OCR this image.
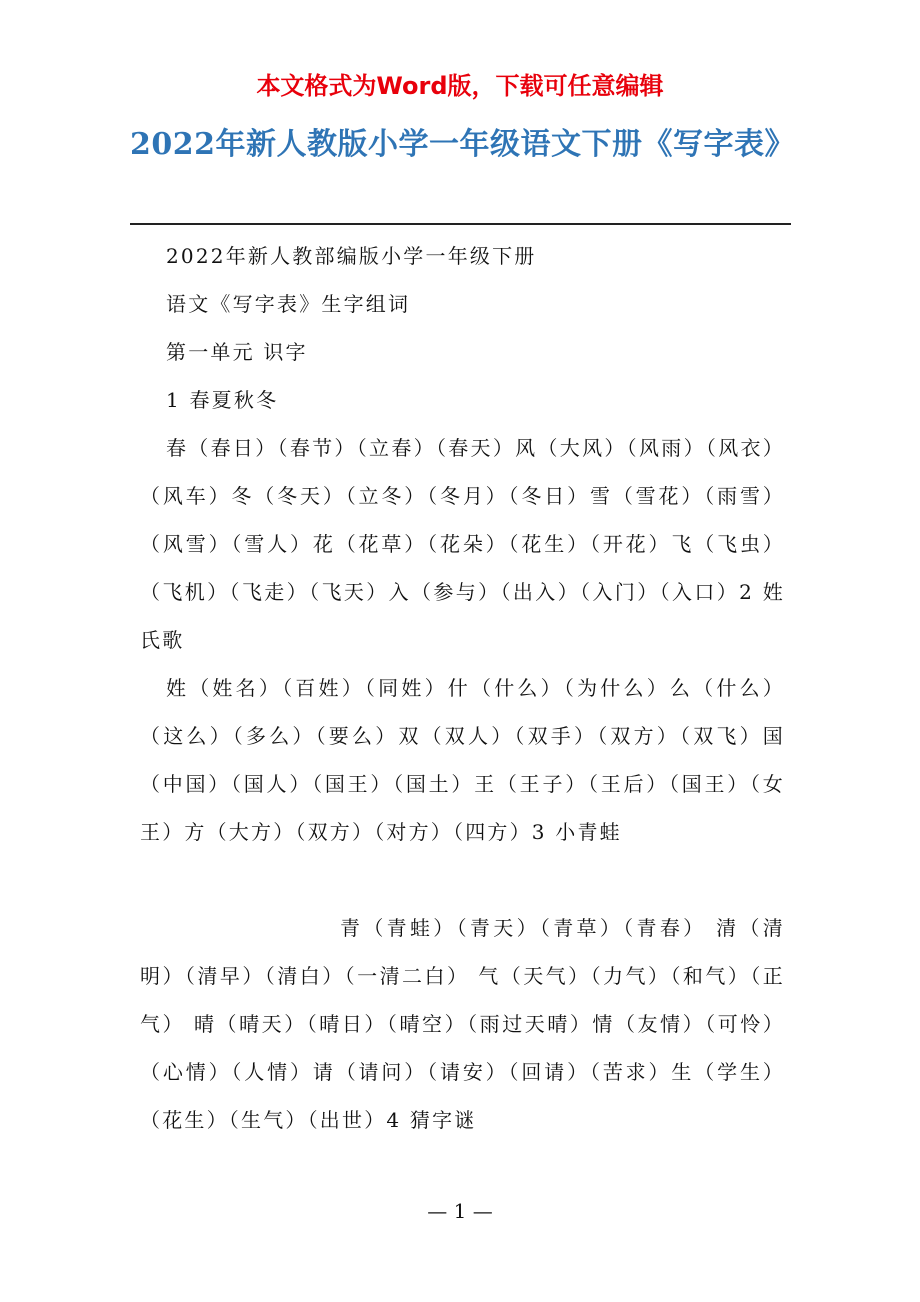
本文格式为Word版，下载可任意编辑

2022年新人教版小学一年级语文下册《写字表》

2022年新人教部编版小学一年级下册

语文《写字表》生字组词

第一单元 识字

1 春夏秋冬

春（春日）（春节）（立春）（春天）风（大风）（风雨）（风衣）（风车）冬（冬天）（立冬）（冬月）（冬日）雪（雪花）（雨雪）（风雪）（雪人）花（花草）（花朵）（花生）（开花）飞（飞虫）（飞机）（飞走）（飞天）入（参与）（出入）（入门）（入口）2 姓氏歌

姓（姓名）（百姓）（同姓）什（什么）（为什么）么（什么）（这么）（多么）（要么）双（双人）（双手）（双方）（双飞）国（中国）（国人）（国王）（国土）王（王子）（王后）（国王）（女王）方（大方）（双方）（对方）（四方）3 小青蛙

青（青蛙）（青天）（青草）（青春） 清（清明）（清早）（清白）（一清二白） 气（天气）（力气）（和气）（正气） 晴（晴天）（晴日）（晴空）（雨过天晴）情（友情）（可怜）（心情）（人情）请（请问）（请安）（回请）（苦求）生（学生）（花生）（生气）（出世）4 猜字谜

— 1 —
